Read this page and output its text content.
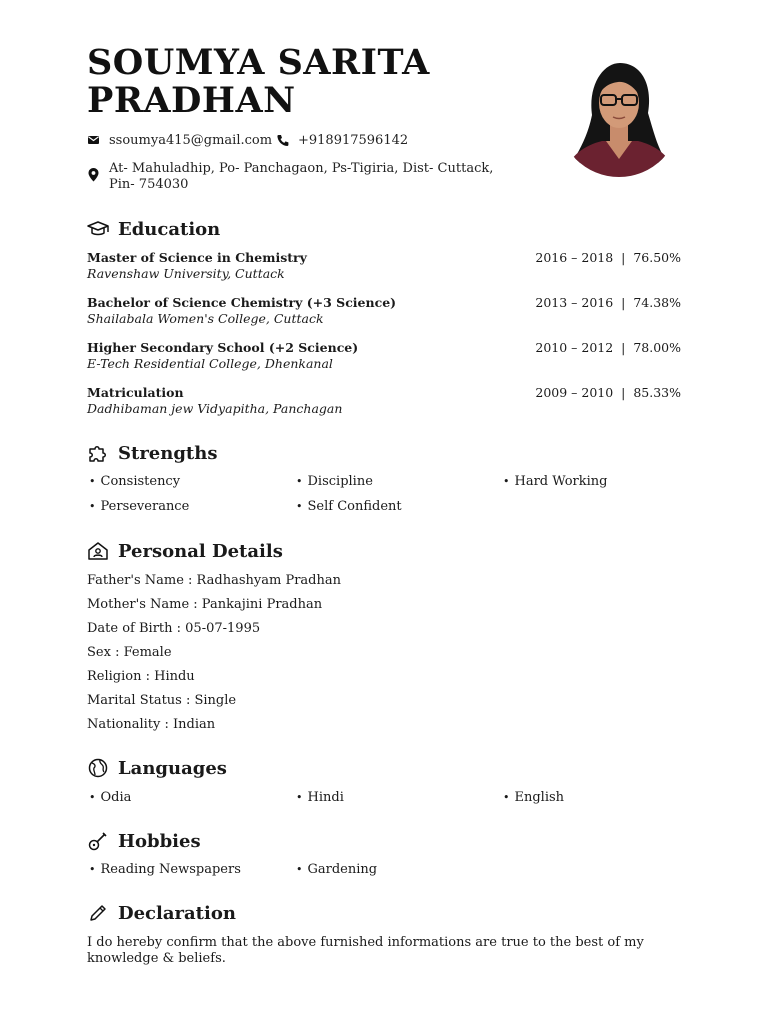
SOUMYA SARITA
PRADHAN
ssoumya415@gmail.com +918917596142
At- Mahuladhip, Po- Panchagaon, Ps-Tigiria, Dist- Cuttack, Pin- 754030
Education
Master of Science in Chemistry
Ravenshaw University, Cuttack
2016 – 2018  |  76.50%
Bachelor of Science Chemistry (+3 Science)
Shailabala Women's College, Cuttack
2013 – 2016  |  74.38%
Higher Secondary School (+2 Science)
E-Tech Residential College, Dhenkanal
2010 – 2012  |  78.00%
Matriculation
Dadhibaman jew Vidyapitha, Panchagan
2009 – 2010  |  85.33%
Strengths
• Consistency	• Discipline	• Hard Working
• Perseverance	• Self Confident
Personal Details
Father's Name : Radhashyam Pradhan
Mother's Name : Pankajini Pradhan
Date of Birth : 05-07-1995
Sex : Female
Religion : Hindu
Marital Status : Single
Nationality : Indian
Languages
• Odia	• Hindi	• English
Hobbies
• Reading Newspapers	• Gardening
Declaration
I do hereby confirm that the above furnished informations are true to the best of my knowledge & beliefs.
